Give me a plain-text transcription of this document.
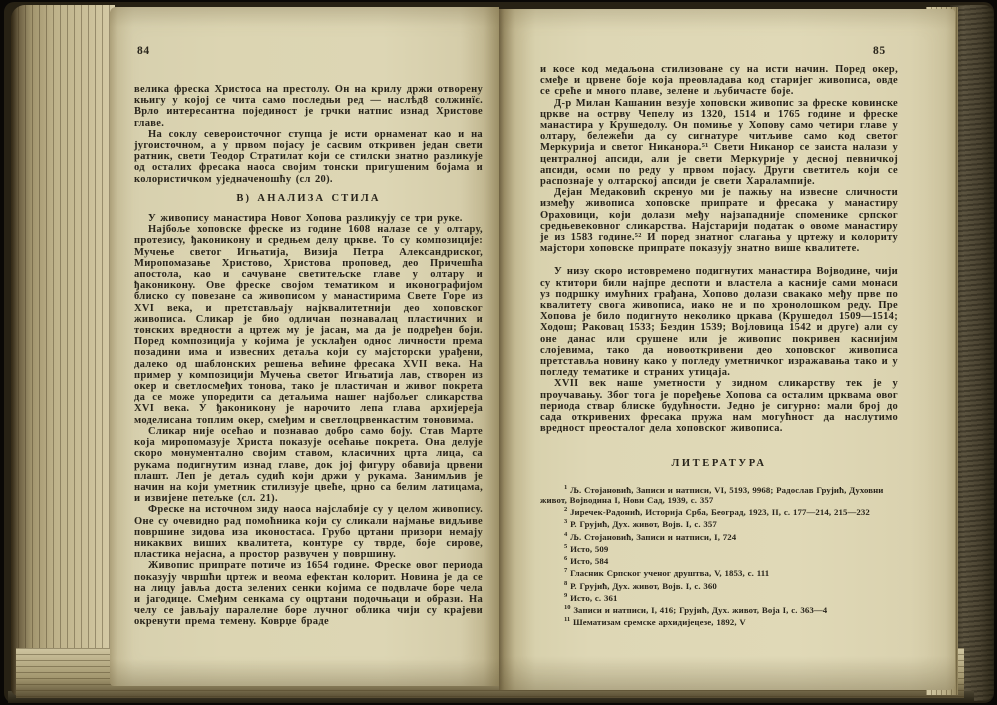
84

велика фреска Христоса на престолу. Он на крилу држи отворену књигу у којој се чита само последњи ред — наслѣд8 солжинїє. Врло интересантна појединост је грчки натпис изнад Христове главе.

На соклу североисточног ступца је исти орнаменат као и на југоисточном, а у првом појасу је сасвим откривен један свети ратник, свети Теодор Стратилат који се стилски знатно разликује од осталих фресака наоса својим тонски пригушеним бојама и колористичком уједначеношћу (сл 20).

В) АНАЛИЗА СТИЛА

У живопису манастира Новог Хопова разликују се три руке.

Најбоље хоповске фреске из године 1608 налазе се у олтару, протезису, ђаконикону и средњем делу цркве. То су композиције: Мучење светог Игњатија, Визија Петра Александриског, Миропомазање Христово, Христова проповед, део Причешћа апостола, као и сачуване светитељске главе у олтару и ђаконикону. Ове фреске својом тематиком и иконографијом блиско су повезане са живописом у манастирима Свете Горе из XVI века, и претстављају најквалитетнији део хоповског живописа. Сликар је био одличан познавалац пластичних и тонских вредности а цртеж му је јасан, ма да је подређен боји. Поред композиција у којима је усклађен однос личности према позадини има и извесних детаља који су мајсторски урађени, далеко од шаблонских решења већине фресака XVII века. На пример у композицији Мучења светог Игњатија лав, створен из окер и светлосмеђих тонова, тако је пластичан и живог покрета да се може упоредити са детаљима нашег најбољег сликарства XVI века. У ђаконикону је нарочито лепа глава архијереја моделисана топлим окер, смеђим и светлоцрвенкастим тоновима.

Сликар није осећао и познавао добро само боју. Став Марте која миропомазује Христа показује осећање покрета. Она делује скоро монументално својим ставом, класичних црта лица, са рукама подигнутим изнад главе, док јој фигуру обавија црвени плашт. Леп је детаљ судић који држи у рукама. Занимљив је начин на који уметник стилизује цвеће, црно са белим латицама, и извијене петељке (сл. 21).

Фреске на источном зиду наоса најслабије су у целом живопису. Оне су очевидно рад помоћника који су сликали најмање видљиве површине зидова иза иконостаса. Грубо цртани призори немају никаквих виших квалитета, контуре су тврде, боје сирове, пластика нејасна, а простор развучен у површину.

Живопис припрате потиче из 1654 године. Фреске овог периода показују чвршћи цртеж и веома ефектан колорит. Новина је да се на лицу јавља доста зелених сенки којима се подвлаче боре чела и јагодице. Смеђим сенкама су оцртани подочњаци и образи. На челу се јављају паралелне боре лучног облика чији су крајеви окренути према темену. Коврџе браде

85

и косе код медаљона стилизоване су на исти начин. Поред окер, смеђе и црвене боје која преовладава код старијег живописа, овде се среће и много плаве, зелене и љубичасте боје.

Д-р Милан Кашанин везује хоповски живопис за фреске ковинске цркве на острву Чепелу из 1320, 1514 и 1765 године и фреске манастира у Крушедолу. Он помиње у Хопову само четири главе у олтару, бележећи да су сигнатуре читљиве само код светог Меркурија и светог Никанора.⁵¹ Свети Никанор се заиста налази у централној апсиди, али је свети Меркурије у десној певничкој апсиди, осми по реду у првом појасу. Други светитељ који се распознаје у олтарској апсиди је свети Харалампије.

Дејан Медаковић скренуо ми је пажњу на извесне сличности између живописа хоповске припрате и фресака у манастиру Ораховици, који долази међу најзападније споменике српског средњевековног сликарства. Најстарији податак о овоме манастиру је из 1583 године.⁵² И поред знатног слагања у цртежу и колориту мајстори хоповске припрате показују знатно више квалитете.

У низу скоро истовремено подигнутих манастира Војводине, чији су ктитори били најпре деспоти и властела а касније сами монаси уз подршку имућних грађана, Хопово долази свакако међу прве по квалитету свога живописа, иако не и по хронолошком реду. Пре Хопова је било подигнуто неколико цркава (Крушедол 1509—1514; Ходош; Раковац 1533; Бездин 1539; Војловица 1542 и друге) али су оне данас или срушене или је живопис покривен каснијим слојевима, тако да новооткривени део хоповског живописа претставља новину како у погледу уметничког изражавања тако и у погледу тематике и страних утицаја.

XVII век наше уметности у зидном сликарству тек је у проучавању. Због тога је поређење Хопова са осталим црквама овог периода ствар блиске будућности. Једно је сигурно: мали број до сада откривених фресака пружа нам могућност да наслутимо вредност преосталог дела хоповског живописа.

ЛИТЕРАТУРА

$^1$ Љ. Стојановић, Записи и натписи, VI, 5193, 9968; Радослав Грујић, Духовни живот, Војводина I, Нови Сад, 1939, с. 357

$^2$ Јиречек-Радонић, Историја Срба, Београд, 1923, II, с. 177—214, 215—232

$^3$ Р. Грујић, Дух. живот, Војв. I, с. 357

$^4$ Љ. Стојановић, Записи и натписи, I, 724

$^5$ Исто, 509

$^6$ Исто, 584

$^7$ Гласник Српског ученог друштва, V, 1853, с. 111

$^8$ Р. Грујић, Дух. живот, Војв. I, с. 360

$^9$ Исто, с. 361

$^{10}$ Записи и натписи, I, 416; Грујић, Дух. живот, Воја I, с. 363—4

$^{11}$ Шематизам сремске архидијецезе, 1892, V
